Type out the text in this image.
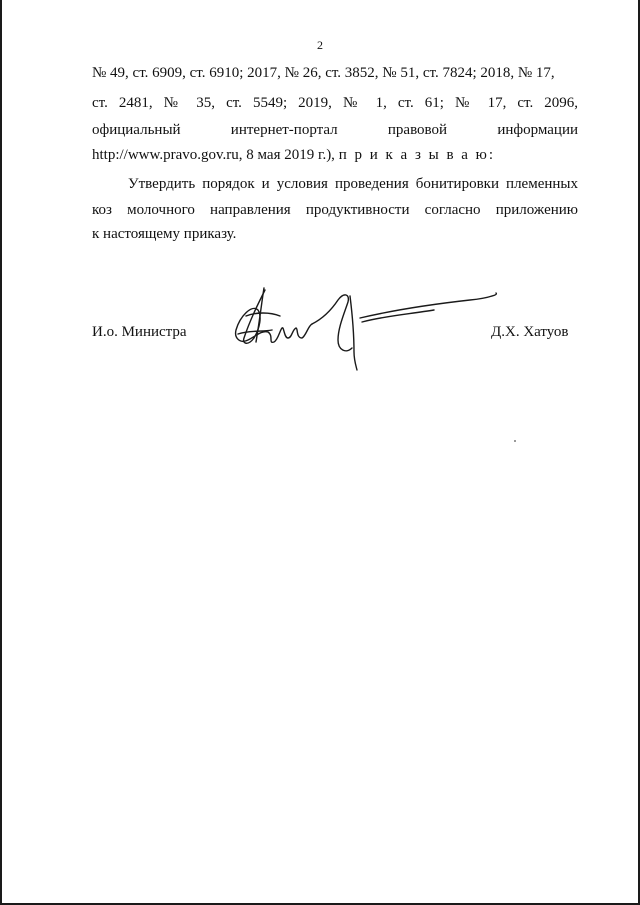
2
№ 49, ст. 6909, ст. 6910; 2017, № 26, ст. 3852, № 51, ст. 7824; 2018, № 17,
ст. 2481, № 35, ст. 5549; 2019, № 1, ст. 61; № 17, ст. 2096,
официальный интернет-портал правовой информации
http://www.pravo.gov.ru, 8 мая 2019 г.), п р и к а з ы в а ю:
Утвердить порядок и условия проведения бонитировки племенных
коз молочного направления продуктивности согласно приложению
к настоящему приказу.
И.о. Министра	Д.Х. Хатуов
